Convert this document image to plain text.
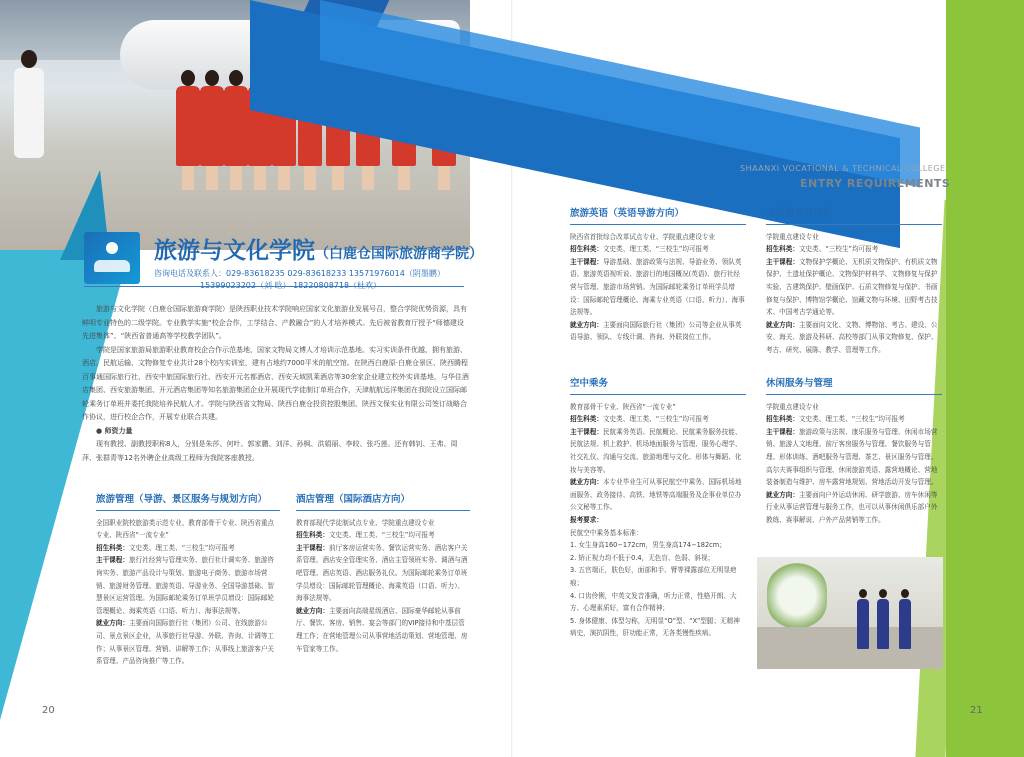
SHAANXI VOCATIONAL & TECHNICAL COLLEGE
ENTRY REQUIREMENTS
旅游与文化学院（白鹿仓国际旅游商学院）
咨询电话及联系人：029-83618235 029-83618233 13571976014（阴墨鹏）

旅游与文化学院（白鹿仓国际旅游商学院）是陕西职业技术学院响应国家文化旅游业发展号召，整合学院优势资源，具有鲜明专业特色的二级学院。专业教学实施“校企合作，工学结合、产教融合”的人才培养模式。先后被省教育厅授予“师德建设先进集体”、“陕西省普通高等学校教学团队”。

学院是国家旅游局旅游职业教育校企合作示范基地，国家文物局文博人才培训示范基地。实习实训条件优越，拥有旅游、酒店、民航运输、文物修复专业共计28个校内实训室，建有占地约7000平米的航空馆。在陕西白鹿原·白鹿仓景区、陕西腾程百事通国际旅行社、西安中旅国际旅行社、西安开元名都酒店、西安天域凯莱酒店等30余家企业建立校外实训基地，与华住酒店集团、西安旅游集团、开元酒店集团等知名旅游集团企业开展现代学徒制订单班合作，天津航航远洋集团在我院设立国际邮轮乘务订单班并委托我院培养民航人才。学院与陕西省文物局、陕西白鹿仓投资控股集团、陕西文保实业有限公司签订战略合作协议，进行校企合作，开展专业联合共建。

● 师资力量

现有教授、副教授职称8人，分别是朱莎、何叶、郭家鹏、刘洋、孙枫、洪娟丽、李皎、张巧莲。还有韩钊、王弗、周萍、张群青等12名外聘企业高级工程师为我院客座教授。

旅游管理（导游、景区服务与规划方向）

全国职业院校旅游类示范专业、教育部骨干专业、陕西省重点专业、陕西省“一流专业”

招生科类：文史类、理工类、“三校生”均可报考

主干课程：旅行社经营与管理实务、旅行社计调实务、旅游咨询实务、旅游产品设计与策划、旅游电子商务、旅游市场营销、旅游财务管理、旅游英语、导游业务、全国导游基础、智慧景区运营管理。为国际邮轮乘务订单班学员增设：国际邮轮管理概论、海乘英语（口语、听力）、海事法规等。

就业方向：主要面向国际旅行社（集团）公司、在线旅游公司、景点景区企业，从事旅行社导游、外联、咨询、计调等工作；从事景区管理、营销、讲解等工作；从事线上旅游客户关系管理、产品咨询推广等工作。

酒店管理（国际酒店方向）

教育部现代学徒制试点专业、学院重点建设专业

招生科类：文史类、理工类、“三校生”均可报考

主干课程：前厅客房运营实务、餐饮运营实务、酒店客户关系管理、酒店安全管理实务、酒店主管领班实务、调酒与酒吧管理、酒店英语、酒店服务礼仪。为国际邮轮乘务订单班学员增设：国际邮轮管理概论、海乘英语（口语、听力）、海事法规等。

就业方向：主要面向高端星级酒店、国际豪华邮轮从事前厅、餐饮、客房、销售、宴会等部门的VIP接待和中基层管理工作；在营地管理公司从事营地活动策划、营地管理、房车管家等工作。

旅游英语（英语导游方向）

陕西省首批综合改革试点专业、学院重点建设专业

招生科类：文史类、理工类、“三校生”均可报考

主干课程：导游基础、旅游政策与法规、导游业务、领队英语、旅游英语视听说、旅游目的地国概况(英语)、旅行社经营与管理、旅游市场营销。为国际邮轮乘务订单班学员增设：国际邮轮管理概论、海乘专业英语（口语、听力）、海事法规等。

就业方向：主要面向国际旅行社（集团）公司等企业从事英语导游、领队、专线计调、咨询、外联岗位工作。

文物修复与保护

学院重点建设专业

招生科类：文史类、“三校生”均可报考

主干课程：文物保护学概论、无机质文物保护、有机质文物保护、土遗址保护概论、文物保护材料学、文物修复与保护实验、古建筑保护、壁画保护、石质文物修复与保护、书画修复与保护、博物馆学概论、馆藏文物与环境、田野考古技术、中国考古学通论等。

就业方向：主要面向文化、文物、博物馆、考古、建设、公安、海关、旅游及科研、高校等部门从事文物修复、保护、考古、研究、展陈、教学、管理等工作。

空中乘务

教育部骨干专业、陕西省“一流专业”

招生科类：文史类、理工类、“三校生”均可报考

主干课程：民航乘务英语、民航概论、民航乘务服务技能、民航法规、机上救护、机场地面服务与管理、服务心理学、社交礼仪、沟通与交流、旅游地理与文化、形体与舞蹈、化妆与美容等。

就业方向：本专业毕业生可从事民航空中乘务、国际机场地面服务、政务接待、高铁、地铁等高端服务及企事业单位办公文秘等工作。

报考要求：

民航空中乘务基本标准：

1. 女生身高160−172cm，男生身高174−182cm；

2. 矫正视力均不低于0.4，无色盲、色弱、斜视；

3. 五官端正，肤色好，面部和手、臂等裸露部位无明显疤痕；

4. 口齿伶俐，中英文发音准确，听力正常，性格开朗、大方、心理素质好，富有合作精神；

5. 身体健康、体型匀称，无明显“O”型、“X”型腿；无精神病史，演抗阴性，肝功能正常，无各类慢性疾病。

休闲服务与管理

学院重点建设专业

招生科类：文史类、理工类、“三校生”均可报考

主干课程：旅游政策与法规、康乐服务与管理、休闲市场营销、旅游人文地理、前厅客房服务与管理、餐饮服务与管理、形体训练、酒吧服务与管理、茶艺、景区服务与管理、高尔夫赛事组织与管理、休闲旅游英语、露营地概论、营地装备制造与维护、房车露营地规划、营地活动开发与管理。

就业方向：主要面向户外运动休闲、研学旅游、房车休闲等行业从事运营管理与服务工作，也可以从事休闲俱乐部户外教练、赛事解说、户外产品营销等工作。

20	21
